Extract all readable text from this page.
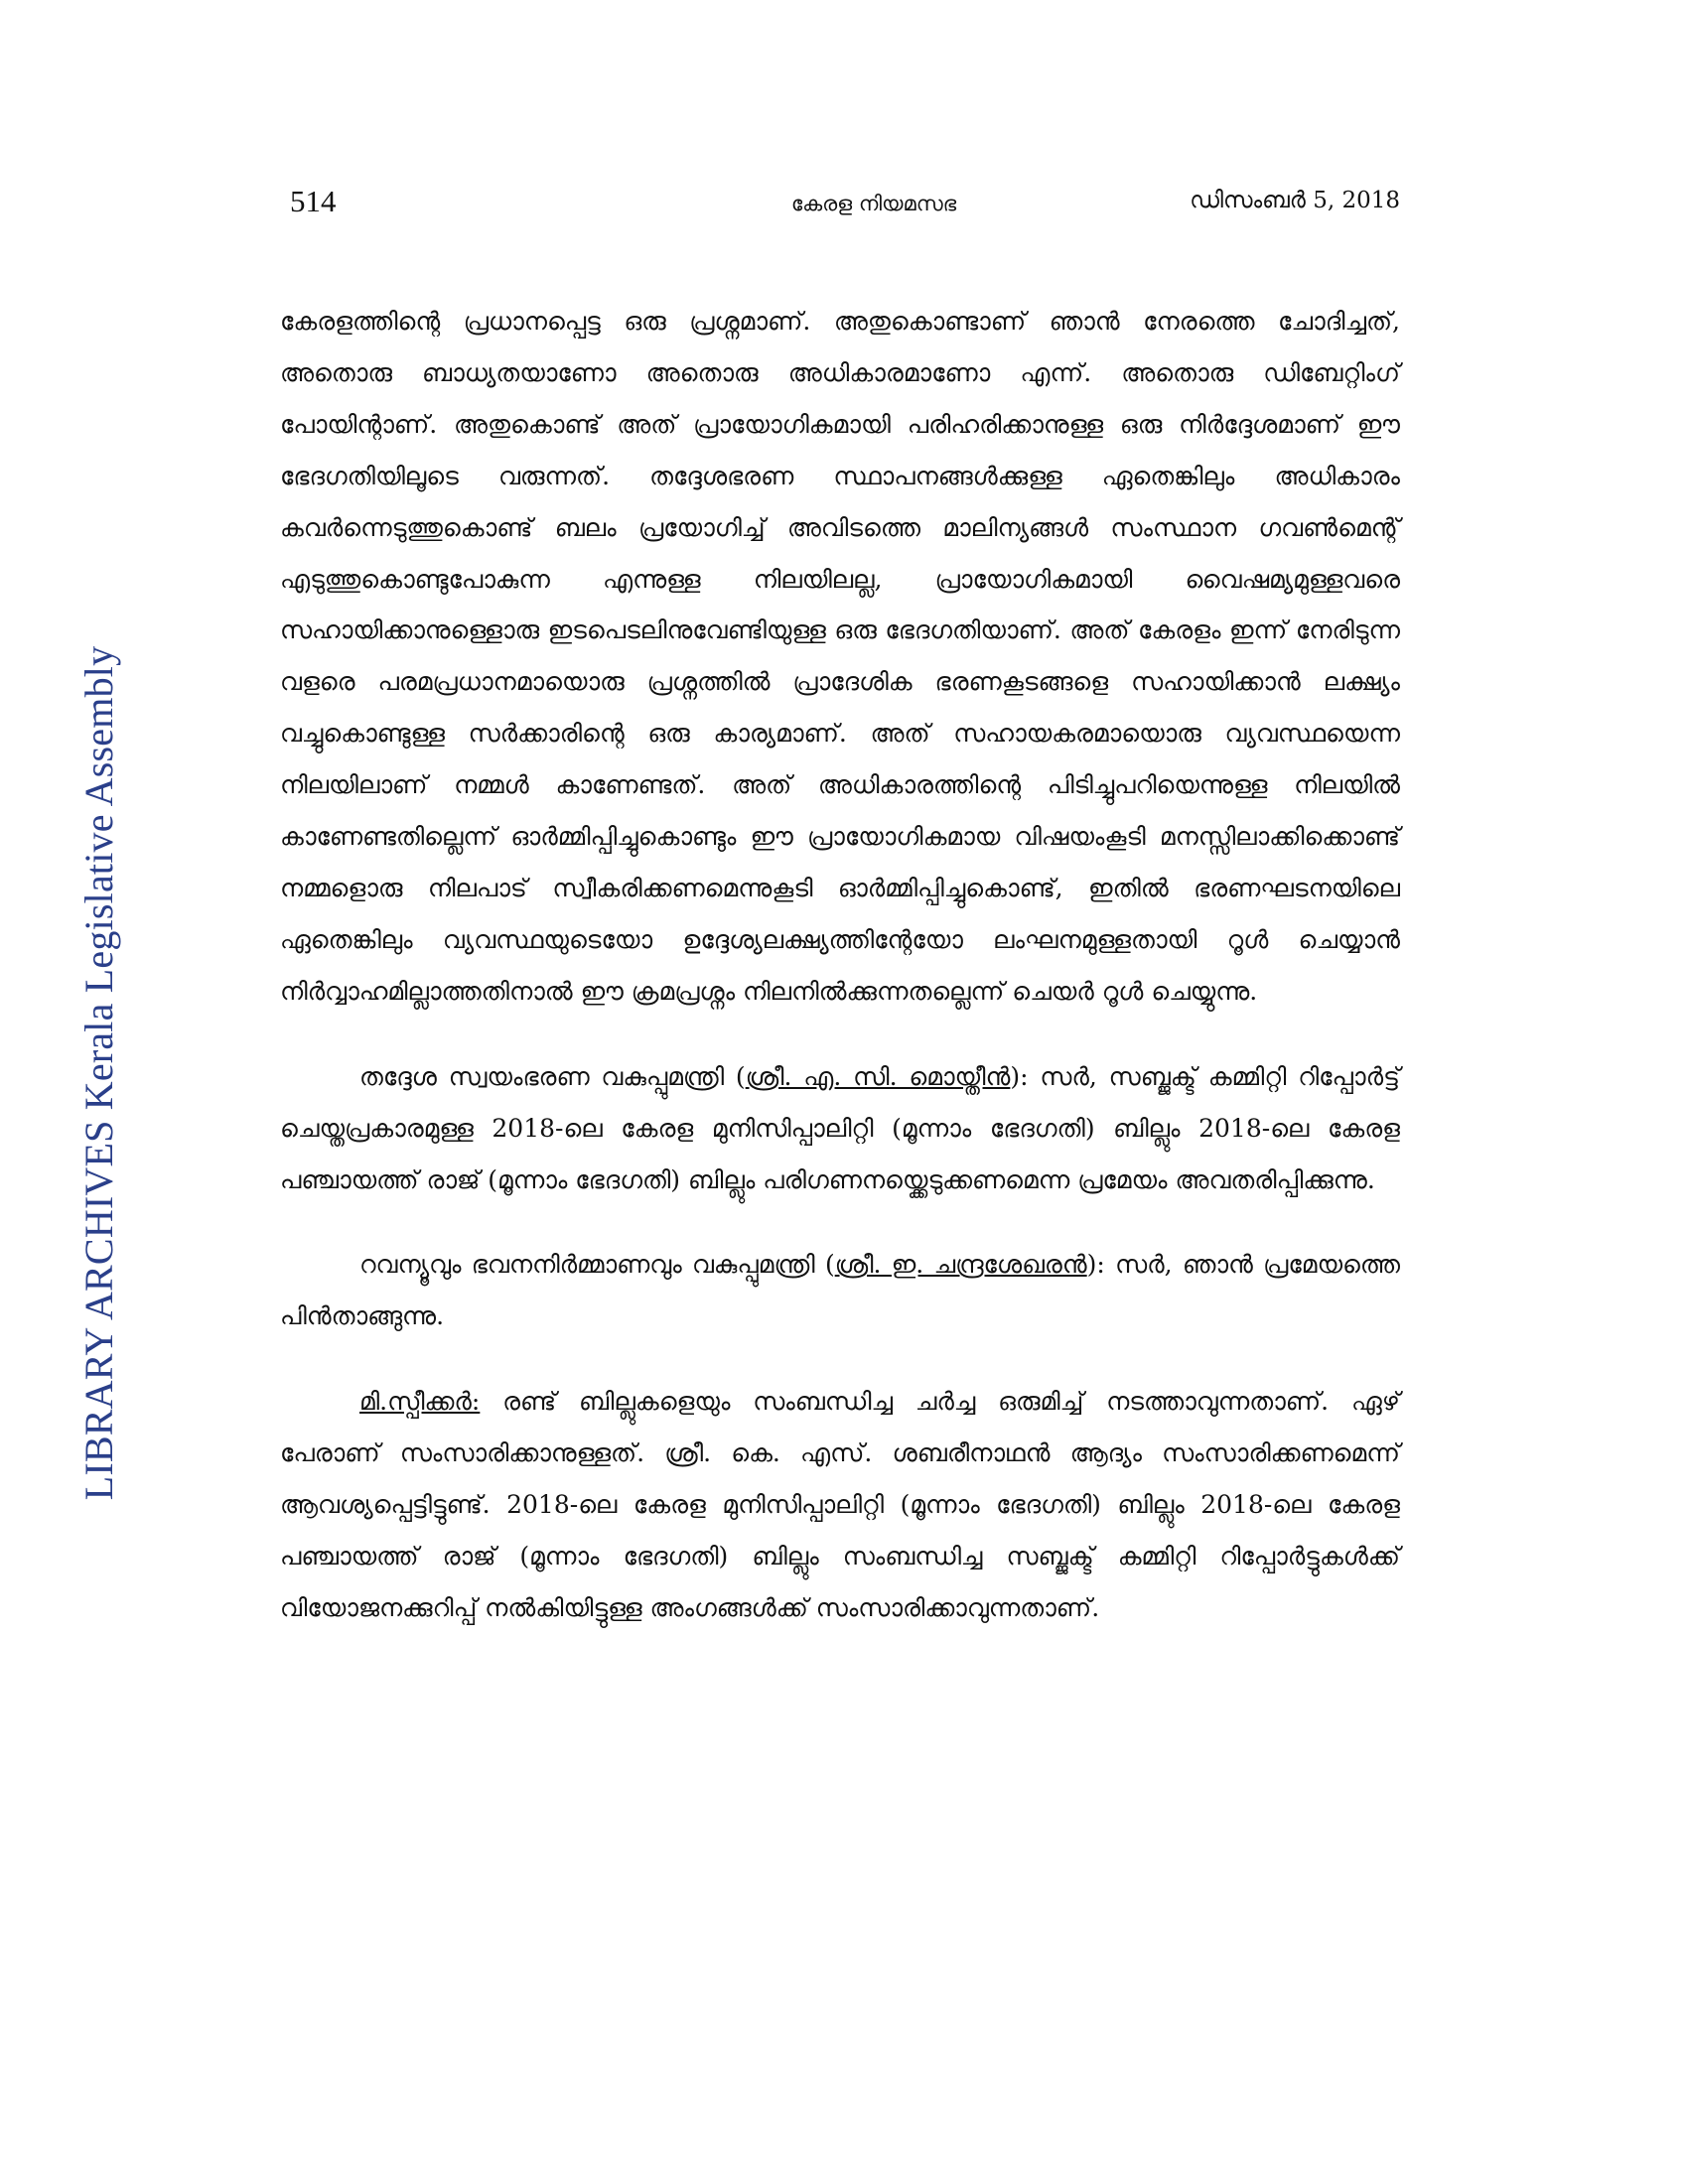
LIBRARY ARCHIVES Kerala Legislative Assembly
514	കേരള നിയമസഭ	ഡിസംബർ 5, 2018

കേരളത്തിന്റെ പ്രധാനപ്പെട്ട ഒരു പ്രശ്നമാണ്. അതുകൊണ്ടാണ് ഞാൻ നേരത്തെ ചോദിച്ചത്, അതൊരു ബാധ്യതയാണോ അതൊരു അധികാരമാണോ എന്ന്. അതൊരു ഡിബേറ്റിംഗ് പോയിന്റാണ്. അതുകൊണ്ട് അത് പ്രായോഗികമായി പരിഹരിക്കാനുള്ള ഒരു നിർദ്ദേശമാണ് ഈ ഭേദഗതിയിലൂടെ വരുന്നത്. തദ്ദേശഭരണ സ്ഥാപനങ്ങൾക്കുള്ള ഏതെങ്കിലും അധികാരം കവർന്നെടുത്തുകൊണ്ട് ബലം പ്രയോഗിച്ച് അവിടത്തെ മാലിന്യങ്ങൾ സംസ്ഥാന ഗവൺമെന്റ് എടുത്തുകൊണ്ടുപോകുന്ന എന്നുള്ള നിലയിലല്ല, പ്രായോഗികമായി വൈഷമ്യമുള്ളവരെ സഹായിക്കാനുള്ളൊരു ഇടപെടലിനുവേണ്ടിയുള്ള ഒരു ഭേദഗതിയാണ്. അത് കേരളം ഇന്ന് നേരിടുന്ന വളരെ പരമപ്രധാനമായൊരു പ്രശ്നത്തിൽ പ്രാദേശിക ഭരണകൂടങ്ങളെ സഹായിക്കാൻ ലക്ഷ്യം വച്ചുകൊണ്ടുള്ള സർക്കാരിന്റെ ഒരു കാര്യമാണ്. അത് സഹായകരമായൊരു വ്യവസ്ഥയെന്ന നിലയിലാണ് നമ്മൾ കാണേണ്ടത്. അത് അധികാരത്തിന്റെ പിടിച്ചുപറിയെന്നുള്ള നിലയിൽ കാണേണ്ടതില്ലെന്ന് ഓർമ്മിപ്പിച്ചുകൊണ്ടും ഈ പ്രായോഗികമായ വിഷയംകൂടി മനസ്സിലാക്കിക്കൊണ്ട് നമ്മളൊരു നിലപാട് സ്വീകരിക്കണമെന്നുകൂടി ഓർമ്മിപ്പിച്ചുകൊണ്ട്, ഇതിൽ ഭരണഘടനയിലെ ഏതെങ്കിലും വ്യവസ്ഥയുടെയോ ഉദ്ദേശ്യലക്ഷ്യത്തിന്റേയോ ലംഘനമുള്ളതായി റൂൾ ചെയ്യാൻ നിർവ്വാഹമില്ലാത്തതിനാൽ ഈ ക്രമപ്രശ്നം നിലനിൽക്കുന്നതല്ലെന്ന് ചെയർ റൂൾ ചെയ്യുന്നു.

തദ്ദേശ സ്വയംഭരണ വകുപ്പുമന്ത്രി (ശ്രീ. എ. സി. മൊയ്തീൻ): സർ, സബ്ജക്ട് കമ്മിറ്റി റിപ്പോർട്ട് ചെയ്തപ്രകാരമുള്ള 2018-ലെ കേരള മുനിസിപ്പാലിറ്റി (മൂന്നാം ഭേദഗതി) ബില്ലും 2018-ലെ കേരള പഞ്ചായത്ത് രാജ് (മൂന്നാം ഭേദഗതി) ബില്ലും പരിഗണനയ്ക്കെടുക്കണമെന്ന പ്രമേയം അവതരിപ്പിക്കുന്നു.

റവന്യൂവും ഭവനനിർമ്മാണവും വകുപ്പുമന്ത്രി (ശ്രീ. ഇ. ചന്ദ്രശേഖരൻ): സർ, ഞാൻ പ്രമേയത്തെ പിൻതാങ്ങുന്നു.

മി.സ്പീക്കർ: രണ്ട് ബില്ലുകളെയും സംബന്ധിച്ച ചർച്ച ഒരുമിച്ച് നടത്താവുന്നതാണ്. ഏഴ് പേരാണ് സംസാരിക്കാനുള്ളത്. ശ്രീ. കെ. എസ്. ശബരീനാഥൻ ആദ്യം സംസാരിക്കണമെന്ന് ആവശ്യപ്പെട്ടിട്ടുണ്ട്. 2018-ലെ കേരള മുനിസിപ്പാലിറ്റി (മൂന്നാം ഭേദഗതി) ബില്ലും 2018-ലെ കേരള പഞ്ചായത്ത് രാജ് (മൂന്നാം ഭേദഗതി) ബില്ലും സംബന്ധിച്ച സബ്ജക്ട് കമ്മിറ്റി റിപ്പോർട്ടുകൾക്ക് വിയോജനക്കുറിപ്പ് നൽകിയിട്ടുള്ള അംഗങ്ങൾക്ക് സംസാരിക്കാവുന്നതാണ്.
